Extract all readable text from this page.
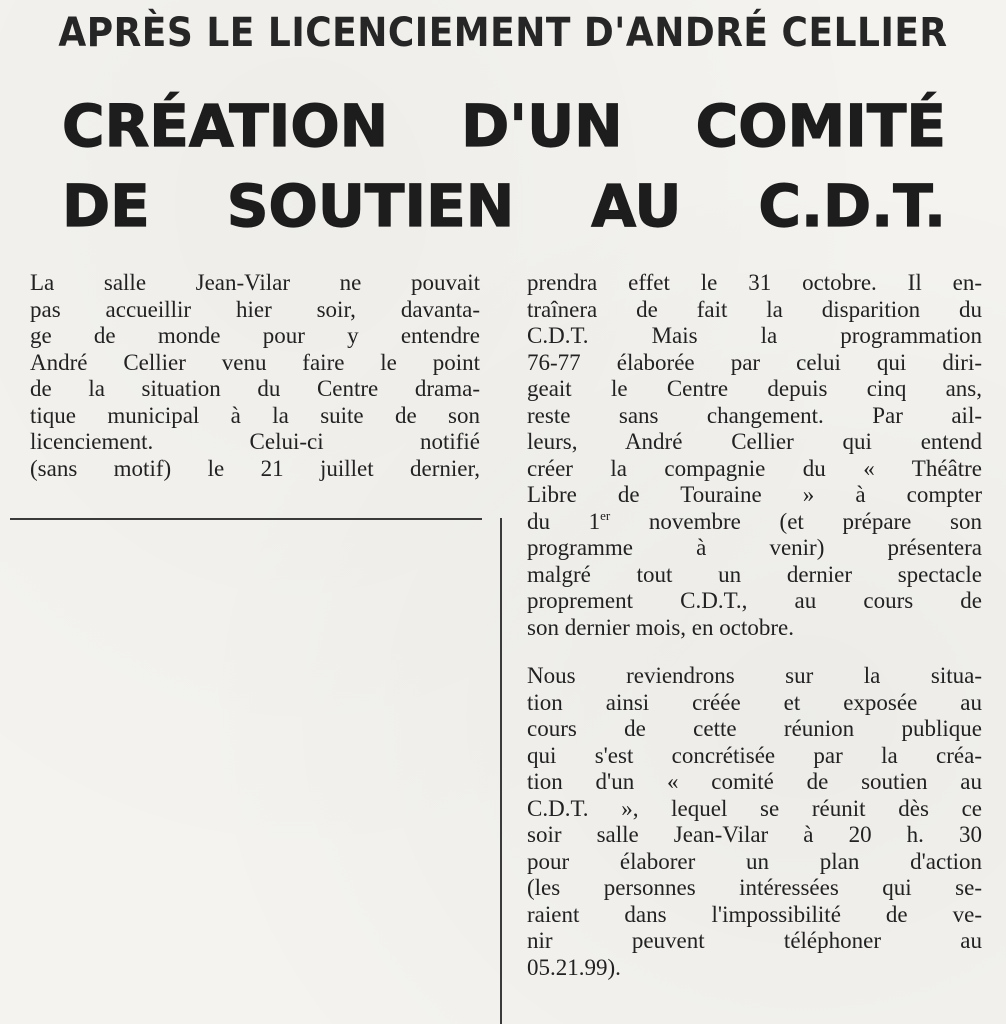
APRÈS LE LICENCIEMENT D'ANDRÉ CELLIER
CRÉATION D'UN COMITÉ
DE SOUTIEN AU C.D.T.

La salle Jean-Vilar ne pouvait

pas accueillir hier soir, davanta-

ge de monde pour y entendre

André Cellier venu faire le point

de la situation du Centre drama-

tique municipal à la suite de son

licenciement. Celui-ci notifié

(sans motif) le 21 juillet dernier,

prendra effet le 31 octobre. Il en-

traînera de fait la disparition du

C.D.T. Mais la programmation

76-77 élaborée par celui qui diri-

geait le Centre depuis cinq ans,

reste sans changement. Par ail-

leurs, André Cellier qui entend

créer la compagnie du « Théâtre

Libre de Touraine » à compter

du 1er novembre (et prépare son

programme à venir) présentera

malgré tout un dernier spectacle

proprement C.D.T., au cours de

son dernier mois, en octobre.

Nous reviendrons sur la situa-

tion ainsi créée et exposée au

cours de cette réunion publique

qui s'est concrétisée par la créa-

tion d'un « comité de soutien au

C.D.T. », lequel se réunit dès ce

soir salle Jean-Vilar à 20 h. 30

pour élaborer un plan d'action

(les personnes intéressées qui se-

raient dans l'impossibilité de ve-

nir peuvent téléphoner au

05.21.99).
